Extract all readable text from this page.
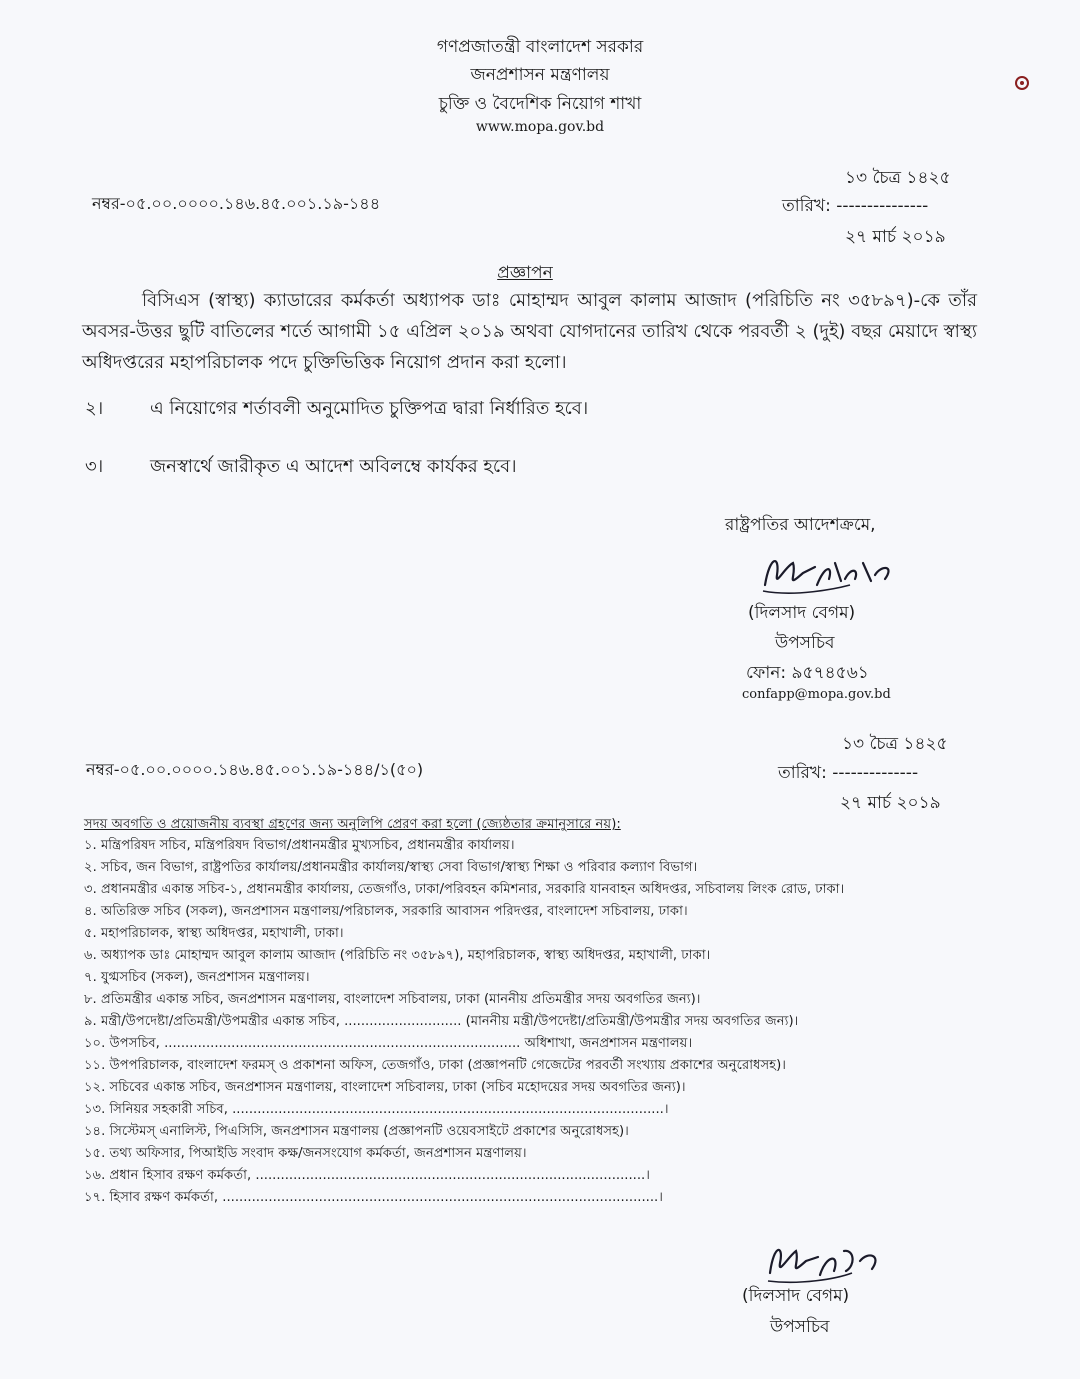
গণপ্রজাতন্ত্রী বাংলাদেশ সরকার
জনপ্রশাসন মন্ত্রণালয়
চুক্তি ও বৈদেশিক নিয়োগ শাখা
www.mopa.gov.bd
নম্বর-০৫.০০.০০০০.১৪৬.৪৫.০০১.১৯-১৪৪
১৩ চৈত্র ১৪২৫
তারিখ: ---------------
২৭ মার্চ ২০১৯
প্রজ্ঞাপন
বিসিএস (স্বাস্থ্য) ক্যাডারের কর্মকর্তা অধ্যাপক ডাঃ মোহাম্মদ আবুল কালাম আজাদ (পরিচিতি নং ৩৫৮৯৭)-কে তাঁর অবসর-উত্তর ছুটি বাতিলের শর্তে আগামী ১৫ এপ্রিল ২০১৯ অথবা যোগদানের তারিখ থেকে পরবর্তী ২ (দুই) বছর মেয়াদে স্বাস্থ্য অধিদপ্তরের মহাপরিচালক পদে চুক্তিভিত্তিক নিয়োগ প্রদান করা হলো।
২।	এ নিয়োগের শর্তাবলী অনুমোদিত চুক্তিপত্র দ্বারা নির্ধারিত হবে।
৩।	জনস্বার্থে জারীকৃত এ আদেশ অবিলম্বে কার্যকর হবে।
রাষ্ট্রপতির আদেশক্রমে,
(দিলসাদ বেগম)
উপসচিব
ফোন: ৯৫৭৪৫৬১
confapp@mopa.gov.bd
নম্বর-০৫.০০.০০০০.১৪৬.৪৫.০০১.১৯-১৪৪/১(৫০)
১৩ চৈত্র ১৪২৫
তারিখ: --------------
২৭ মার্চ ২০১৯
সদয় অবগতি ও প্রয়োজনীয় ব্যবস্থা গ্রহণের জন্য অনুলিপি প্রেরণ করা হলো (জ্যেষ্ঠতার ক্রমানুসারে নয়):
১. মন্ত্রিপরিষদ সচিব, মন্ত্রিপরিষদ বিভাগ/প্রধানমন্ত্রীর মুখ্যসচিব, প্রধানমন্ত্রীর কার্যালয়।
২. সচিব, জন বিভাগ, রাষ্ট্রপতির কার্যালয়/প্রধানমন্ত্রীর কার্যালয়/স্বাস্থ্য সেবা বিভাগ/স্বাস্থ্য শিক্ষা ও পরিবার কল্যাণ বিভাগ।
৩. প্রধানমন্ত্রীর একান্ত সচিব-১, প্রধানমন্ত্রীর কার্যালয়, তেজগাঁও, ঢাকা/পরিবহন কমিশনার, সরকারি যানবাহন অধিদপ্তর, সচিবালয় লিংক রোড, ঢাকা।
৪. অতিরিক্ত সচিব (সকল), জনপ্রশাসন মন্ত্রণালয়/পরিচালক, সরকারি আবাসন পরিদপ্তর, বাংলাদেশ সচিবালয়, ঢাকা।
৫. মহাপরিচালক, স্বাস্থ্য অধিদপ্তর, মহাখালী, ঢাকা।
৬. অধ্যাপক ডাঃ মোহাম্মদ আবুল কালাম আজাদ (পরিচিতি নং ৩৫৮৯৭), মহাপরিচালক, স্বাস্থ্য অধিদপ্তর, মহাখালী, ঢাকা।
৭. যুগ্মসচিব (সকল), জনপ্রশাসন মন্ত্রণালয়।
৮. প্রতিমন্ত্রীর একান্ত সচিব, জনপ্রশাসন মন্ত্রণালয়, বাংলাদেশ সচিবালয়, ঢাকা (মাননীয় প্রতিমন্ত্রীর সদয় অবগতির জন্য)।
৯. মন্ত্রী/উপদেষ্টা/প্রতিমন্ত্রী/উপমন্ত্রীর একান্ত সচিব, ............................ (মাননীয় মন্ত্রী/উপদেষ্টা/প্রতিমন্ত্রী/উপমন্ত্রীর সদয় অবগতির জন্য)।
১০. উপসচিব, ..................................................................................... অধিশাখা, জনপ্রশাসন মন্ত্রণালয়।
১১. উপপরিচালক, বাংলাদেশ ফরমস্ ও প্রকাশনা অফিস, তেজগাঁও, ঢাকা (প্রজ্ঞাপনটি গেজেটের পরবর্তী সংখ্যায় প্রকাশের অনুরোধসহ)।
১২. সচিবের একান্ত সচিব, জনপ্রশাসন মন্ত্রণালয়, বাংলাদেশ সচিবালয়, ঢাকা (সচিব মহোদয়ের সদয় অবগতির জন্য)।
১৩. সিনিয়র সহকারী সচিব, .......................................................................................................।
১৪. সিস্টেমস্ এনালিস্ট, পিএসিসি, জনপ্রশাসন মন্ত্রণালয় (প্রজ্ঞাপনটি ওয়েবসাইটে প্রকাশের অনুরোধসহ)।
১৫. তথ্য অফিসার, পিআইডি সংবাদ কক্ষ/জনসংযোগ কর্মকর্তা, জনপ্রশাসন মন্ত্রণালয়।
১৬. প্রধান হিসাব রক্ষণ কর্মকর্তা, .............................................................................................।
১৭. হিসাব রক্ষণ কর্মকর্তা, ........................................................................................................।
(দিলসাদ বেগম)
উপসচিব
